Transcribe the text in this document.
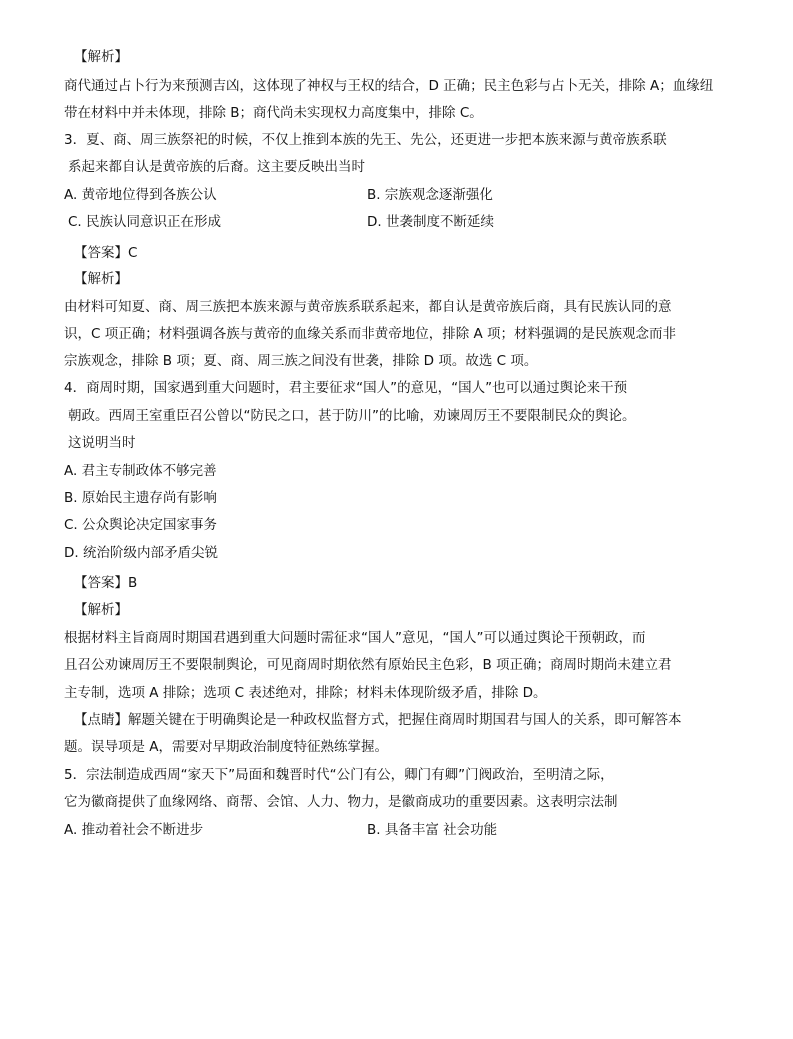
【解析】
商代通过占卜行为来预测吉凶，这体现了神权与王权的结合，D 正确；民主色彩与占卜无关，排除 A；血缘纽
带在材料中并未体现，排除 B；商代尚未实现权力高度集中，排除 C。
3．夏、商、周三族祭祀的时候，不仅上推到本族的先王、先公，还更进一步把本族来源与黄帝族系联
系起来都自认是黄帝族的后裔。这主要反映出当时
A. 黄帝地位得到各族公认	B. 宗族观念逐渐强化
C. 民族认同意识正在形成	D. 世袭制度不断延续
【答案】C
【解析】
由材料可知夏、商、周三族把本族来源与黄帝族系联系起来，都自认是黄帝族后商，具有民族认同的意
识，C 项正确；材料强调各族与黄帝的血缘关系而非黄帝地位，排除 A 项；材料强调的是民族观念而非
宗族观念，排除 B 项；夏、商、周三族之间没有世袭，排除 D 项。故选 C 项。
4．商周时期，国家遇到重大问题时，君主要征求“国人”的意见，“国人”也可以通过舆论来干预
朝政。西周王室重臣召公曾以“防民之口，甚于防川”的比喻，劝谏周厉王不要限制民众的舆论。
这说明当时
A. 君主专制政体不够完善
B. 原始民主遗存尚有影响
C. 公众舆论决定国家事务
D. 统治阶级内部矛盾尖锐
【答案】B
【解析】
根据材料主旨商周时期国君遇到重大问题时需征求“国人”意见，“国人”可以通过舆论干预朝政，而
且召公劝谏周厉王不要限制舆论，可见商周时期依然有原始民主色彩，B 项正确；商周时期尚未建立君
主专制，选项 A 排除；选项 C 表述绝对，排除；材料未体现阶级矛盾，排除 D。
【点睛】解题关键在于明确舆论是一种政权监督方式，把握住商周时期国君与国人的关系，即可解答本
题。误导项是 A，需要对早期政治制度特征熟练掌握。
5．宗法制造成西周“家天下”局面和魏晋时代“公门有公，卿门有卿”门阀政治，至明清之际，
它为徽商提供了血缘网络、商帮、会馆、人力、物力，是徽商成功的重要因素。这表明宗法制
A. 推动着社会不断进步	B. 具备丰富 社会功能
